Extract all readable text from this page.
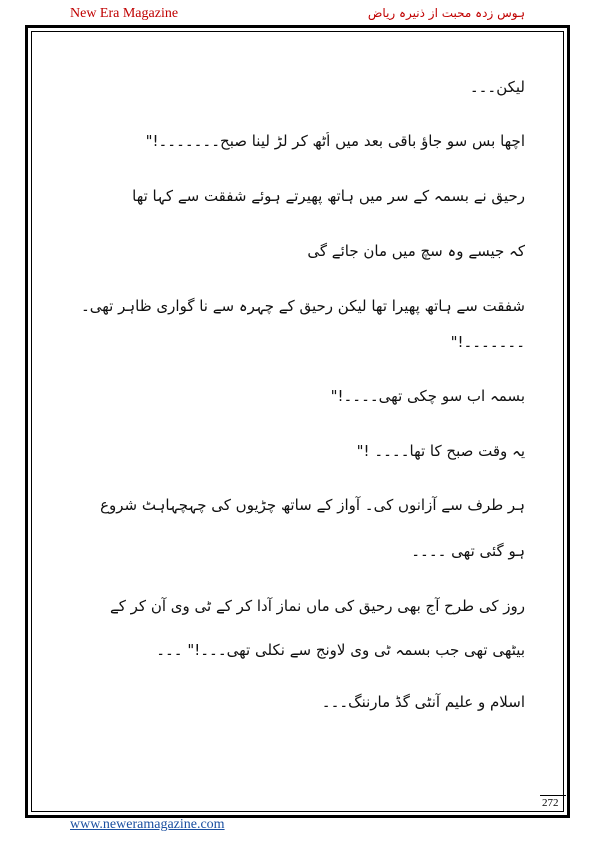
New Era Magazine	ہوس زدہ محبت از ذنیرہ ریاض
لیکن۔۔۔
اچھا بس سو جاؤ باقی بعد میں اُٹھ کر لڑ لینا صبح۔۔۔۔۔۔۔!"
رحیق نے بسمہ کے سر میں ہاتھ پھیرتے ہوئے شفقت سے کہا تھا
کہ جیسے وہ سچ میں مان جائے گی
شفقت سے ہاتھ پھیرا تھا لیکن رحیق کے چہرہ سے نا گواری ظاہر تھی۔
۔۔۔۔۔۔۔!"
بسمہ اب سو چکی تھی۔۔۔۔!"
یہ وقت صبح کا تھا۔۔۔۔ !"
ہر طرف سے آزانوں کی۔ آواز کے ساتھ چڑیوں کی چہچہاہٹ شروع
ہو گئی تھی ۔۔۔۔
روز کی طرح آج بھی رحیق کی ماں نماز آدا کر کے ٹی وی آن کر کے
بیٹھی تھی جب بسمہ ٹی وی لاونج سے نکلی تھی۔۔۔!" ۔۔۔
اسلام و علیم آنٹی گڈ مارننگ۔۔۔
272
www.neweramagazine.com
